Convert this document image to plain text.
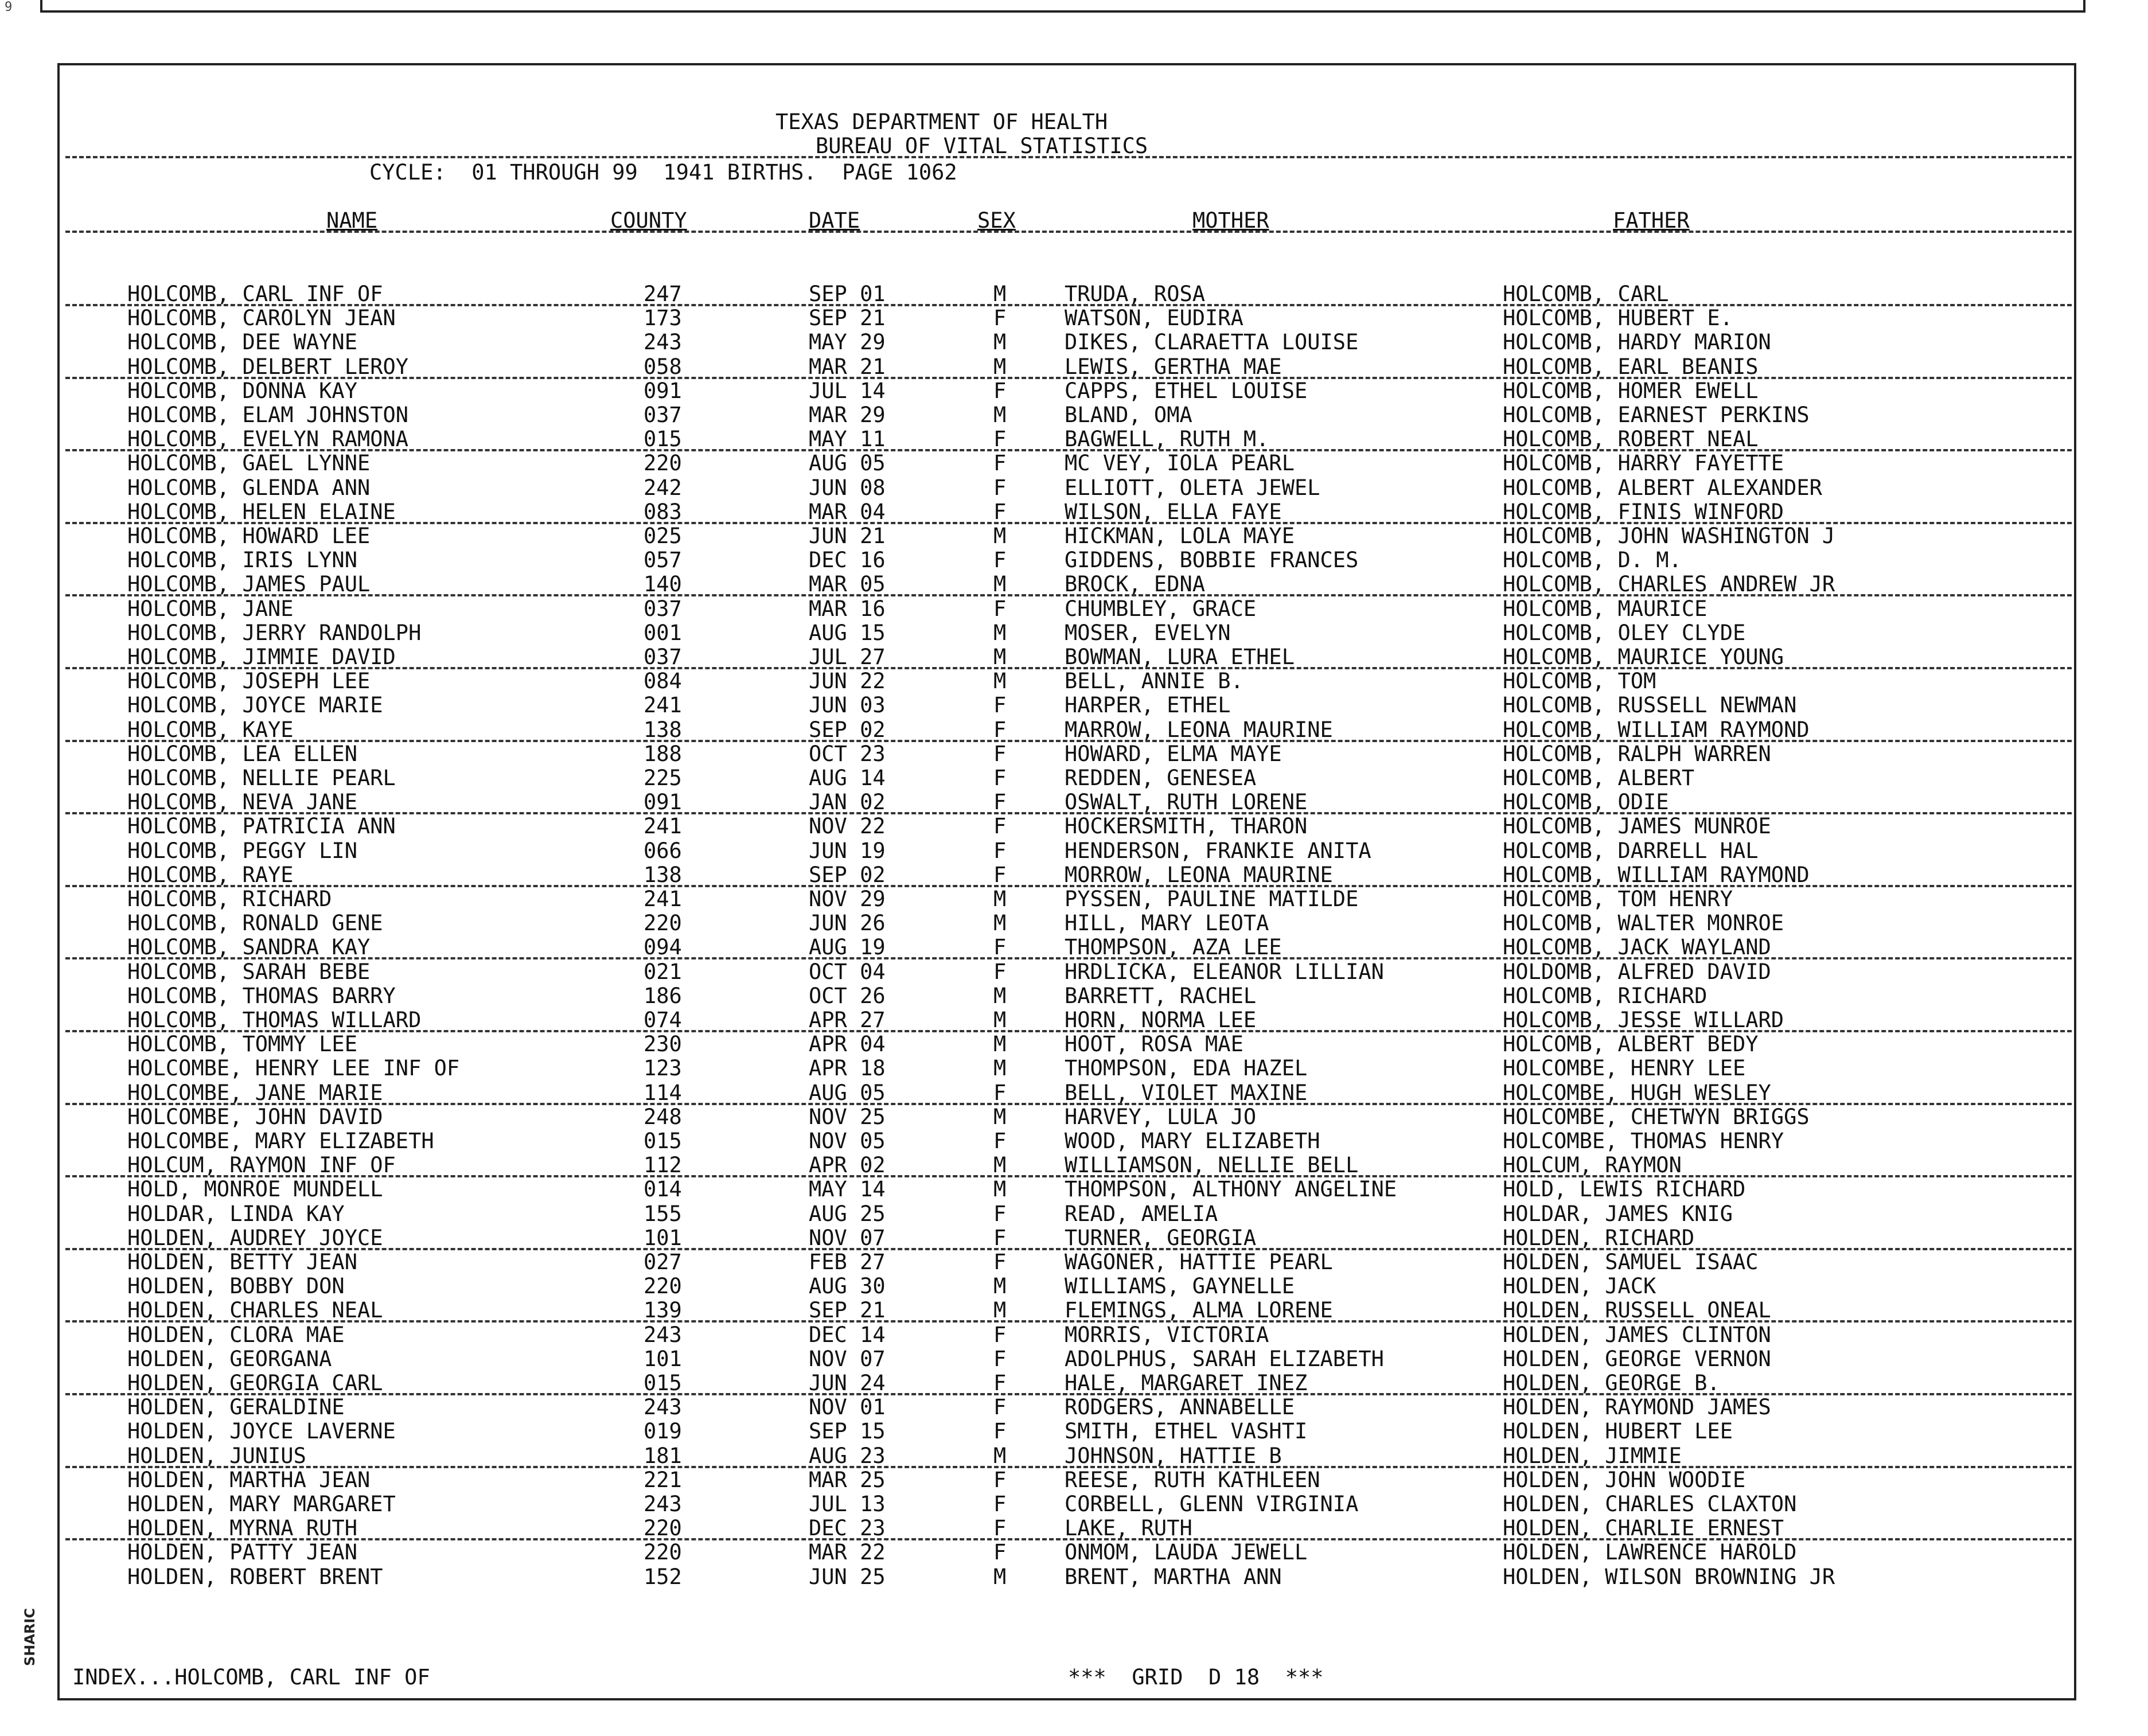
9
TEXAS DEPARTMENT OF HEALTH
BUREAU OF VITAL STATISTICS
CYCLE:  01 THROUGH 99  1941 BIRTHS.  PAGE 1062
NAME	COUNTY	DATE	SEX	MOTHER	FATHER
HOLCOMB, CARL INF OF	247	SEP 01	M	TRUDA, ROSA	HOLCOMB, CARL
HOLCOMB, CAROLYN JEAN	173	SEP 21	F	WATSON, EUDIRA	HOLCOMB, HUBERT E.
HOLCOMB, DEE WAYNE	243	MAY 29	M	DIKES, CLARAETTA LOUISE	HOLCOMB, HARDY MARION
HOLCOMB, DELBERT LEROY	058	MAR 21	M	LEWIS, GERTHA MAE	HOLCOMB, EARL BEANIS
HOLCOMB, DONNA KAY	091	JUL 14	F	CAPPS, ETHEL LOUISE	HOLCOMB, HOMER EWELL
HOLCOMB, ELAM JOHNSTON	037	MAR 29	M	BLAND, OMA	HOLCOMB, EARNEST PERKINS
HOLCOMB, EVELYN RAMONA	015	MAY 11	F	BAGWELL, RUTH M.	HOLCOMB, ROBERT NEAL
HOLCOMB, GAEL LYNNE	220	AUG 05	F	MC VEY, IOLA PEARL	HOLCOMB, HARRY FAYETTE
HOLCOMB, GLENDA ANN	242	JUN 08	F	ELLIOTT, OLETA JEWEL	HOLCOMB, ALBERT ALEXANDER
HOLCOMB, HELEN ELAINE	083	MAR 04	F	WILSON, ELLA FAYE	HOLCOMB, FINIS WINFORD
HOLCOMB, HOWARD LEE	025	JUN 21	M	HICKMAN, LOLA MAYE	HOLCOMB, JOHN WASHINGTON J
HOLCOMB, IRIS LYNN	057	DEC 16	F	GIDDENS, BOBBIE FRANCES	HOLCOMB, D. M.
HOLCOMB, JAMES PAUL	140	MAR 05	M	BROCK, EDNA	HOLCOMB, CHARLES ANDREW JR
HOLCOMB, JANE	037	MAR 16	F	CHUMBLEY, GRACE	HOLCOMB, MAURICE
HOLCOMB, JERRY RANDOLPH	001	AUG 15	M	MOSER, EVELYN	HOLCOMB, OLEY CLYDE
HOLCOMB, JIMMIE DAVID	037	JUL 27	M	BOWMAN, LURA ETHEL	HOLCOMB, MAURICE YOUNG
HOLCOMB, JOSEPH LEE	084	JUN 22	M	BELL, ANNIE B.	HOLCOMB, TOM
HOLCOMB, JOYCE MARIE	241	JUN 03	F	HARPER, ETHEL	HOLCOMB, RUSSELL NEWMAN
HOLCOMB, KAYE	138	SEP 02	F	MARROW, LEONA MAURINE	HOLCOMB, WILLIAM RAYMOND
HOLCOMB, LEA ELLEN	188	OCT 23	F	HOWARD, ELMA MAYE	HOLCOMB, RALPH WARREN
HOLCOMB, NELLIE PEARL	225	AUG 14	F	REDDEN, GENESEA	HOLCOMB, ALBERT
HOLCOMB, NEVA JANE	091	JAN 02	F	OSWALT, RUTH LORENE	HOLCOMB, ODIE
HOLCOMB, PATRICIA ANN	241	NOV 22	F	HOCKERSMITH, THARON	HOLCOMB, JAMES MUNROE
HOLCOMB, PEGGY LIN	066	JUN 19	F	HENDERSON, FRANKIE ANITA	HOLCOMB, DARRELL HAL
HOLCOMB, RAYE	138	SEP 02	F	MORROW, LEONA MAURINE	HOLCOMB, WILLIAM RAYMOND
HOLCOMB, RICHARD	241	NOV 29	M	PYSSEN, PAULINE MATILDE	HOLCOMB, TOM HENRY
HOLCOMB, RONALD GENE	220	JUN 26	M	HILL, MARY LEOTA	HOLCOMB, WALTER MONROE
HOLCOMB, SANDRA KAY	094	AUG 19	F	THOMPSON, AZA LEE	HOLCOMB, JACK WAYLAND
HOLCOMB, SARAH BEBE	021	OCT 04	F	HRDLICKA, ELEANOR LILLIAN	HOLDOMB, ALFRED DAVID
HOLCOMB, THOMAS BARRY	186	OCT 26	M	BARRETT, RACHEL	HOLCOMB, RICHARD
HOLCOMB, THOMAS WILLARD	074	APR 27	M	HORN, NORMA LEE	HOLCOMB, JESSE WILLARD
HOLCOMB, TOMMY LEE	230	APR 04	M	HOOT, ROSA MAE	HOLCOMB, ALBERT BEDY
HOLCOMBE, HENRY LEE INF OF	123	APR 18	M	THOMPSON, EDA HAZEL	HOLCOMBE, HENRY LEE
HOLCOMBE, JANE MARIE	114	AUG 05	F	BELL, VIOLET MAXINE	HOLCOMBE, HUGH WESLEY
HOLCOMBE, JOHN DAVID	248	NOV 25	M	HARVEY, LULA JO	HOLCOMBE, CHETWYN BRIGGS
HOLCOMBE, MARY ELIZABETH	015	NOV 05	F	WOOD, MARY ELIZABETH	HOLCOMBE, THOMAS HENRY
HOLCUM, RAYMON INF OF	112	APR 02	M	WILLIAMSON, NELLIE BELL	HOLCUM, RAYMON
HOLD, MONROE MUNDELL	014	MAY 14	M	THOMPSON, ALTHONY ANGELINE	HOLD, LEWIS RICHARD
HOLDAR, LINDA KAY	155	AUG 25	F	READ, AMELIA	HOLDAR, JAMES KNIG
HOLDEN, AUDREY JOYCE	101	NOV 07	F	TURNER, GEORGIA	HOLDEN, RICHARD
HOLDEN, BETTY JEAN	027	FEB 27	F	WAGONER, HATTIE PEARL	HOLDEN, SAMUEL ISAAC
HOLDEN, BOBBY DON	220	AUG 30	M	WILLIAMS, GAYNELLE	HOLDEN, JACK
HOLDEN, CHARLES NEAL	139	SEP 21	M	FLEMINGS, ALMA LORENE	HOLDEN, RUSSELL ONEAL
HOLDEN, CLORA MAE	243	DEC 14	F	MORRIS, VICTORIA	HOLDEN, JAMES CLINTON
HOLDEN, GEORGANA	101	NOV 07	F	ADOLPHUS, SARAH ELIZABETH	HOLDEN, GEORGE VERNON
HOLDEN, GEORGIA CARL	015	JUN 24	F	HALE, MARGARET INEZ	HOLDEN, GEORGE B.
HOLDEN, GERALDINE	243	NOV 01	F	RODGERS, ANNABELLE	HOLDEN, RAYMOND JAMES
HOLDEN, JOYCE LAVERNE	019	SEP 15	F	SMITH, ETHEL VASHTI	HOLDEN, HUBERT LEE
HOLDEN, JUNIUS	181	AUG 23	M	JOHNSON, HATTIE B	HOLDEN, JIMMIE
HOLDEN, MARTHA JEAN	221	MAR 25	F	REESE, RUTH KATHLEEN	HOLDEN, JOHN WOODIE
HOLDEN, MARY MARGARET	243	JUL 13	F	CORBELL, GLENN VIRGINIA	HOLDEN, CHARLES CLAXTON
HOLDEN, MYRNA RUTH	220	DEC 23	F	LAKE, RUTH	HOLDEN, CHARLIE ERNEST
HOLDEN, PATTY JEAN	220	MAR 22	F	ONMOM, LAUDA JEWELL	HOLDEN, LAWRENCE HAROLD
HOLDEN, ROBERT BRENT	152	JUN 25	M	BRENT, MARTHA ANN	HOLDEN, WILSON BROWNING JR
INDEX...HOLCOMB, CARL INF OF	***  GRID  D 18  ***
SHARIC
